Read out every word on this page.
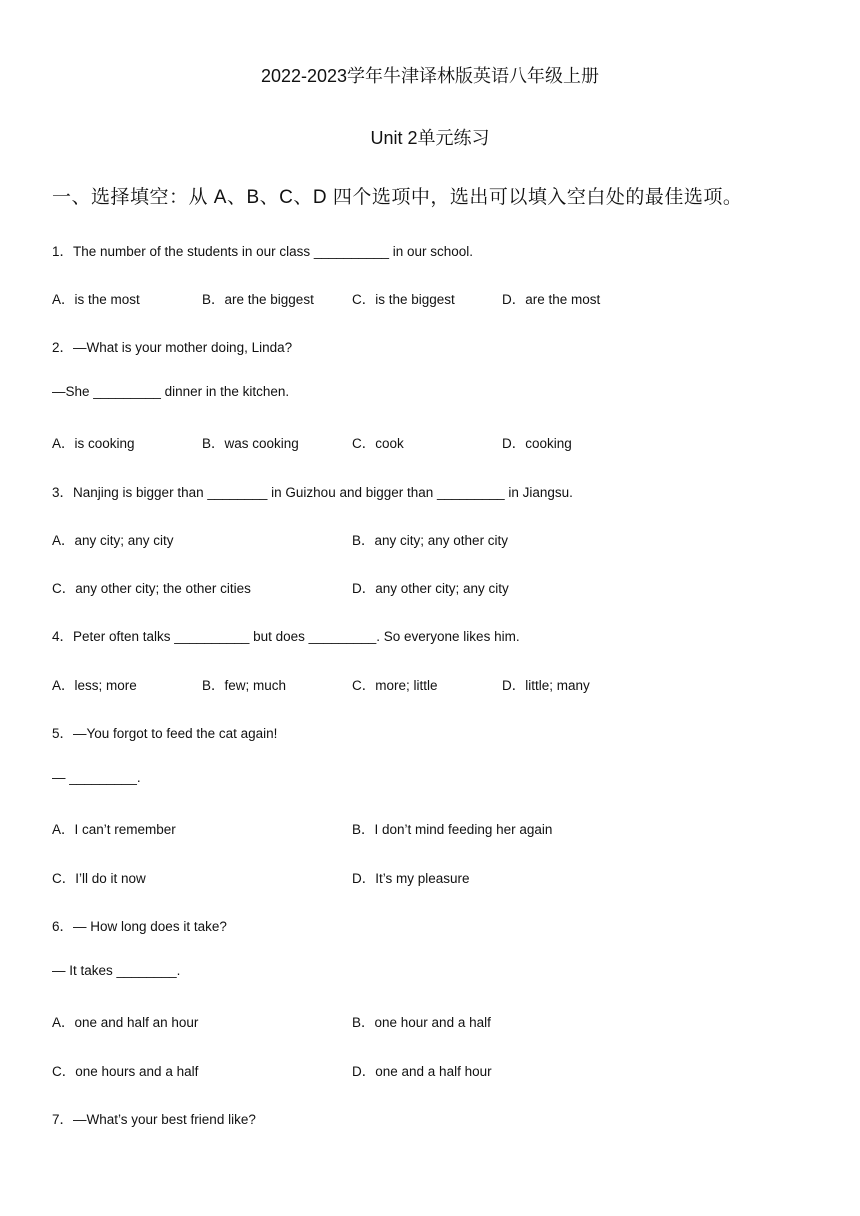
2022-2023学年牛津译林版英语八年级上册
Unit 2单元练习
一、选择填空：从 A、B、C、D 四个选项中，选出可以填入空白处的最佳选项。
1．The number of the students in our class __________ in our school.
A．is the most	B．are the biggest	C．is the biggest	D．are the most
2．—What is your mother doing, Linda?
—She _________ dinner in the kitchen.
A．is cooking	B．was cooking	C．cook	D．cooking
3．Nanjing is bigger than ________ in Guizhou and bigger than _________ in Jiangsu.
A．any city; any city	B．any city; any other city
C．any other city; the other cities	D．any other city; any city
4．Peter often talks __________ but does _________. So everyone likes him.
A．less; more	B．few; much	C．more; little	D．little; many
5．—You forgot to feed the cat again!
— _________.
A．I can’t remember	B．I don’t mind feeding her again
C．I’ll do it now	D．It’s my pleasure
6．— How long does it take?
— It takes ________.
A．one and half an hour	B．one hour and a half
C．one hours and a half	D．one and a half hour
7．—What’s your best friend like?
